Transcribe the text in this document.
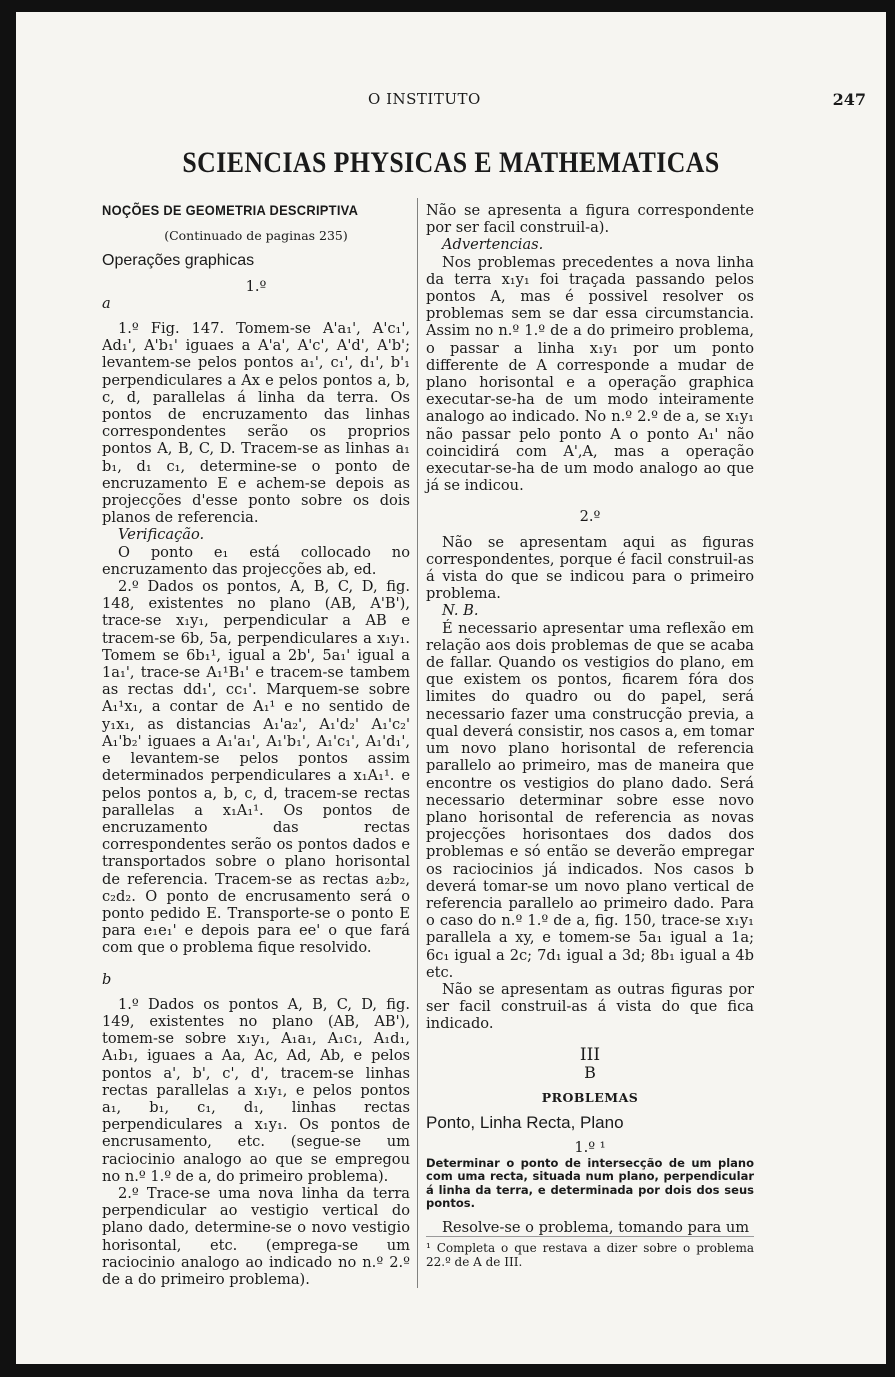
O INSTITUTO	247
SCIENCIAS PHYSICAS E MATHEMATICAS

NOÇÕES DE GEOMETRIA DESCRIPTIVA

(Continuado de paginas 235)

Operações graphicas

1.º

a

1.º Fig. 147. Tomem-se A'a₁', A'c₁', Ad₁', A'b₁' iguaes a A'a', A'c', A'd', A'b'; levantem-se pelos pontos a₁', c₁', d₁', b'₁ perpendiculares a Ax e pelos pontos a, b, c, d, parallelas á linha da terra. Os pontos de encruzamento das linhas correspondentes serão os proprios pontos A, B, C, D. Tracem-se as linhas a₁ b₁, d₁ c₁, determine-se o ponto de encruzamento E e achem-se depois as projecções d'esse ponto sobre os dois planos de referencia.

Verificação.

O ponto e₁ está collocado no encruzamento das projecções ab, ed.

2.º Dados os pontos, A, B, C, D, fig. 148, existentes no plano (AB, A'B'), trace-se x₁y₁, perpendicular a AB e tracem-se 6b, 5a, perpendiculares a x₁y₁. Tomem se 6b₁¹, igual a 2b', 5a₁' igual a 1a₁', trace-se A₁¹B₁' e tracem-se tambem as rectas dd₁', cc₁'. Marquem-se sobre A₁¹x₁, a contar de A₁¹ e no sentido de y₁x₁, as distancias A₁'a₂', A₁'d₂' A₁'c₂' A₁'b₂' iguaes a A₁'a₁', A₁'b₁', A₁'c₁', A₁'d₁', e levantem-se pelos pontos assim determinados perpendiculares a x₁A₁¹. e pelos pontos a, b, c, d, tracem-se rectas parallelas a x₁A₁¹. Os pontos de encruzamento das rectas correspondentes serão os pontos dados e transportados sobre o plano horisontal de referencia. Tracem-se as rectas a₂b₂, c₂d₂. O ponto de encrusamento será o ponto pedido E. Transporte-se o ponto E para e₁e₁' e depois para ee' o que fará com que o problema fique resolvido.

b

1.º Dados os pontos A, B, C, D, fig. 149, existentes no plano (AB, AB'), tomem-se sobre x₁y₁, A₁a₁, A₁c₁, A₁d₁, A₁b₁, iguaes a Aa, Ac, Ad, Ab, e pelos pontos a', b', c', d', tracem-se linhas rectas parallelas a x₁y₁, e pelos pontos a₁, b₁, c₁, d₁, linhas rectas perpendiculares a x₁y₁. Os pontos de encrusamento, etc. (segue-se um raciocinio analogo ao que se empregou no n.º 1.º de a, do primeiro problema).

2.º Trace-se uma nova linha da terra perpendicular ao vestigio vertical do plano dado, determine-se o novo vestigio horisontal, etc. (emprega-se um raciocinio analogo ao indicado no n.º 2.º de a do primeiro problema).

Não se apresenta a figura correspondente por ser facil construil-a).

Advertencias.

Nos problemas precedentes a nova linha da terra x₁y₁ foi traçada passando pelos pontos A, mas é possivel resolver os problemas sem se dar essa circumstancia. Assim no n.º 1.º de a do primeiro problema, o passar a linha x₁y₁ por um ponto differente de A corresponde a mudar de plano horisontal e a operação graphica executar-se-ha de um modo inteiramente analogo ao indicado. No n.º 2.º de a, se x₁y₁ não passar pelo ponto A o ponto A₁' não coincidirá com A',A, mas a operação executar-se-ha de um modo analogo ao que já se indicou.

2.º

Não se apresentam aqui as figuras correspondentes, porque é facil construil-as á vista do que se indicou para o primeiro problema.

N. B.

É necessario apresentar uma reflexão em relação aos dois problemas de que se acaba de fallar. Quando os vestigios do plano, em que existem os pontos, ficarem fóra dos limites do quadro ou do papel, será necessario fazer uma construcção previa, a qual deverá consistir, nos casos a, em tomar um novo plano horisontal de referencia parallelo ao primeiro, mas de maneira que encontre os vestigios do plano dado. Será necessario determinar sobre esse novo plano horisontal de referencia as novas projecções horisontaes dos dados dos problemas e só então se deverão empregar os raciocinios já indicados. Nos casos b deverá tomar-se um novo plano vertical de referencia parallelo ao primeiro dado. Para o caso do n.º 1.º de a, fig. 150, trace-se x₁y₁ parallela a xy, e tomem-se 5a₁ igual a 1a; 6c₁ igual a 2c; 7d₁ igual a 3d; 8b₁ igual a 4b etc.

Não se apresentam as outras figuras por ser facil construil-as á vista do que fica indicado.

III

B

PROBLEMAS

Ponto, Linha Recta, Plano

1.º ¹

Determinar o ponto de intersecção de um plano com uma recta, situada num plano, perpendicular á linha da terra, e determinada por dois dos seus pontos.

Resolve-se o problema, tomando para um

¹ Completa o que restava a dizer sobre o problema 22.º de A de III.
